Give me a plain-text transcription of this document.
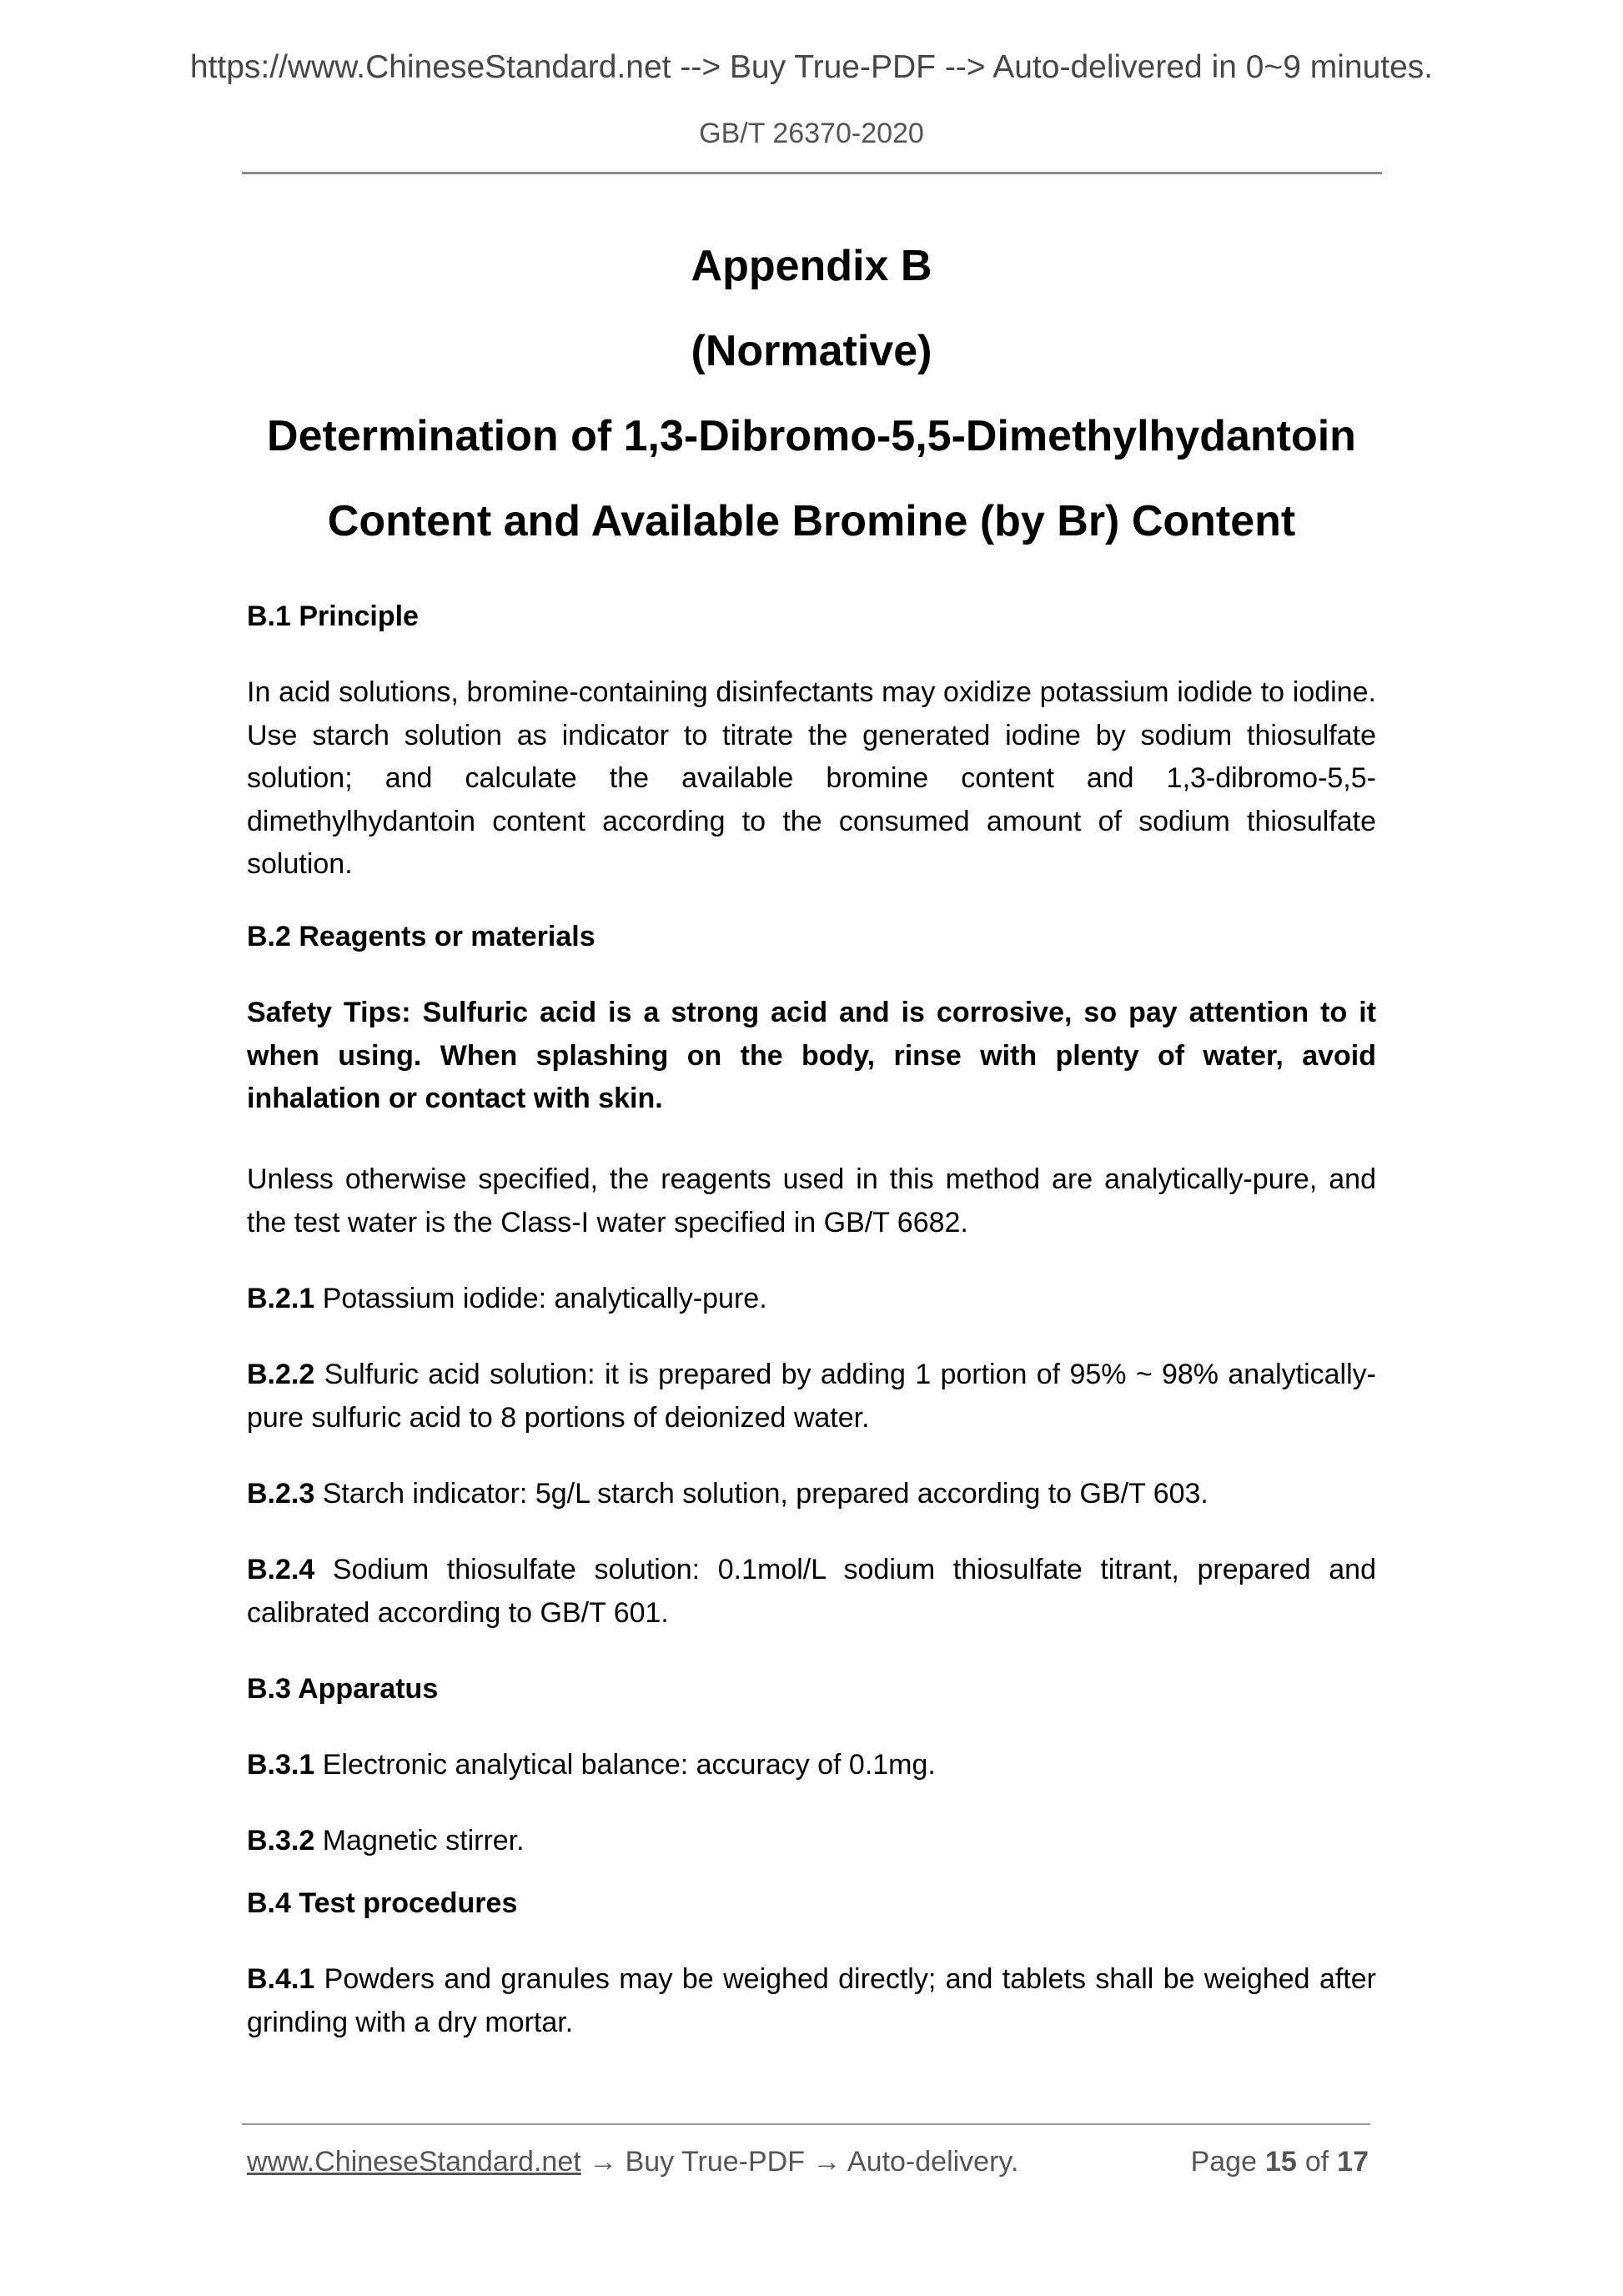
https://www.ChineseStandard.net --> Buy True-PDF --> Auto-delivered in 0~9 minutes.
GB/T 26370-2020
Appendix B
(Normative)
Determination of 1,3-Dibromo-5,5-Dimethylhydantoin
Content and Available Bromine (by Br) Content
B.1 Principle
In acid solutions, bromine-containing disinfectants may oxidize potassium iodide to iodine. Use starch solution as indicator to titrate the generated iodine by sodium thiosulfate solution; and calculate the available bromine content and 1,3-dibromo-5,5-dimethylhydantoin content according to the consumed amount of sodium thiosulfate solution.
B.2 Reagents or materials
Safety Tips: Sulfuric acid is a strong acid and is corrosive, so pay attention to it when using. When splashing on the body, rinse with plenty of water, avoid inhalation or contact with skin.
Unless otherwise specified, the reagents used in this method are analytically-pure, and the test water is the Class-I water specified in GB/T 6682.
B.2.1 Potassium iodide: analytically-pure.
B.2.2 Sulfuric acid solution: it is prepared by adding 1 portion of 95% ~ 98% analytically-pure sulfuric acid to 8 portions of deionized water.
B.2.3 Starch indicator: 5g/L starch solution, prepared according to GB/T 603.
B.2.4 Sodium thiosulfate solution: 0.1mol/L sodium thiosulfate titrant, prepared and calibrated according to GB/T 601.
B.3 Apparatus
B.3.1 Electronic analytical balance: accuracy of 0.1mg.
B.3.2 Magnetic stirrer.
B.4 Test procedures
B.4.1 Powders and granules may be weighed directly; and tablets shall be weighed after grinding with a dry mortar.
www.ChineseStandard.net → Buy True-PDF → Auto-delivery.	Page 15 of 17
